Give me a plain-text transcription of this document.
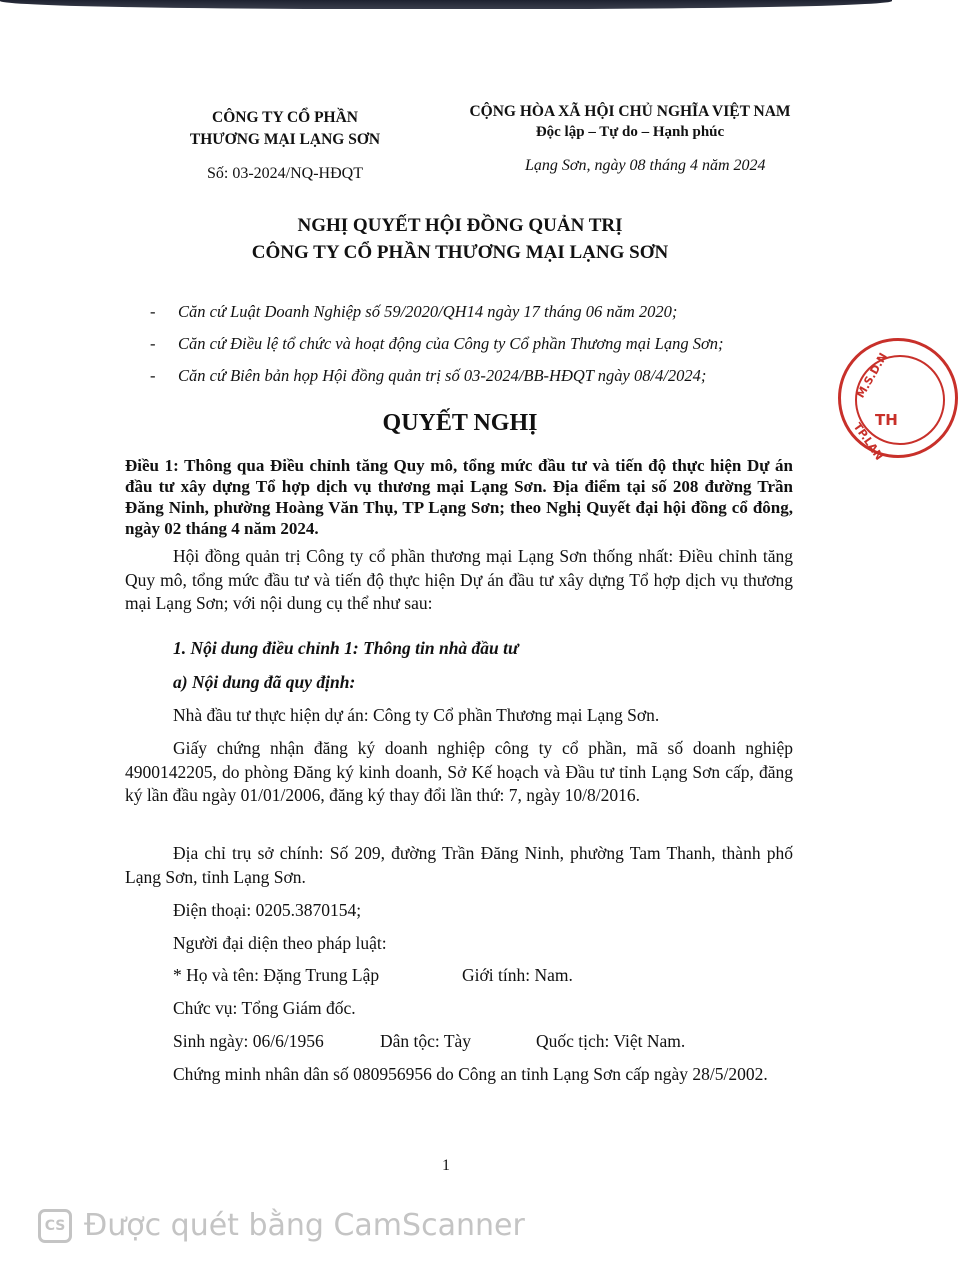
CÔNG TY CỔ PHẦN
THƯƠNG MẠI LẠNG SƠN
CỘNG HÒA XÃ HỘI CHỦ NGHĨA VIỆT NAM
Độc lập – Tự do – Hạnh phúc
Số: 03-2024/NQ-HĐQT	Lạng Sơn, ngày 08 tháng 4 năm 2024
NGHỊ QUYẾT HỘI ĐỒNG QUẢN TRỊ
CÔNG TY CỔ PHẦN THƯƠNG MẠI LẠNG SƠN
- Căn cứ Luật Doanh Nghiệp số 59/2020/QH14 ngày 17 tháng 06 năm 2020;
- Căn cứ Điều lệ tổ chức và hoạt động của Công ty Cổ phần Thương mại Lạng Sơn;
- Căn cứ Biên bản họp Hội đồng quản trị số 03-2024/BB-HĐQT ngày 08/4/2024;
QUYẾT NGHỊ
Điều 1: Thông qua Điều chỉnh tăng Quy mô, tổng mức đầu tư và tiến độ thực hiện Dự án đầu tư xây dựng Tổ hợp dịch vụ thương mại Lạng Sơn. Địa điểm tại số 208 đường Trần Đăng Ninh, phường Hoàng Văn Thụ, TP Lạng Sơn; theo Nghị Quyết đại hội đồng cổ đông, ngày 02 tháng 4 năm 2024.
Hội đồng quản trị Công ty cổ phần thương mại Lạng Sơn thống nhất: Điều chỉnh tăng Quy mô, tổng mức đầu tư và tiến độ thực hiện Dự án đầu tư xây dựng Tổ hợp dịch vụ thương mại Lạng Sơn; với nội dung cụ thể như sau:
1. Nội dung điều chỉnh 1: Thông tin nhà đầu tư
a) Nội dung đã quy định:
Nhà đầu tư thực hiện dự án: Công ty Cổ phần Thương mại Lạng Sơn.
Giấy chứng nhận đăng ký doanh nghiệp công ty cổ phần, mã số doanh nghiệp 4900142205, do phòng Đăng ký kinh doanh, Sở Kế hoạch và Đầu tư tỉnh Lạng Sơn cấp, đăng ký lần đầu ngày 01/01/2006, đăng ký thay đổi lần thứ: 7, ngày 10/8/2016.
Địa chỉ trụ sở chính: Số 209, đường Trần Đăng Ninh, phường Tam Thanh, thành phố Lạng Sơn, tỉnh Lạng Sơn.
Điện thoại: 0205.3870154;
Người đại diện theo pháp luật:
* Họ và tên: Đặng Trung Lập	Giới tính: Nam.
Chức vụ: Tổng Giám đốc.
Sinh ngày: 06/6/1956	Dân tộc: Tày	Quốc tịch: Việt Nam.
Chứng minh nhân dân số 080956956 do Công an tỉnh Lạng Sơn cấp ngày 28/5/2002.
1
M.S.D.N
TH
TP.LAN
CS Được quét bằng CamScanner
